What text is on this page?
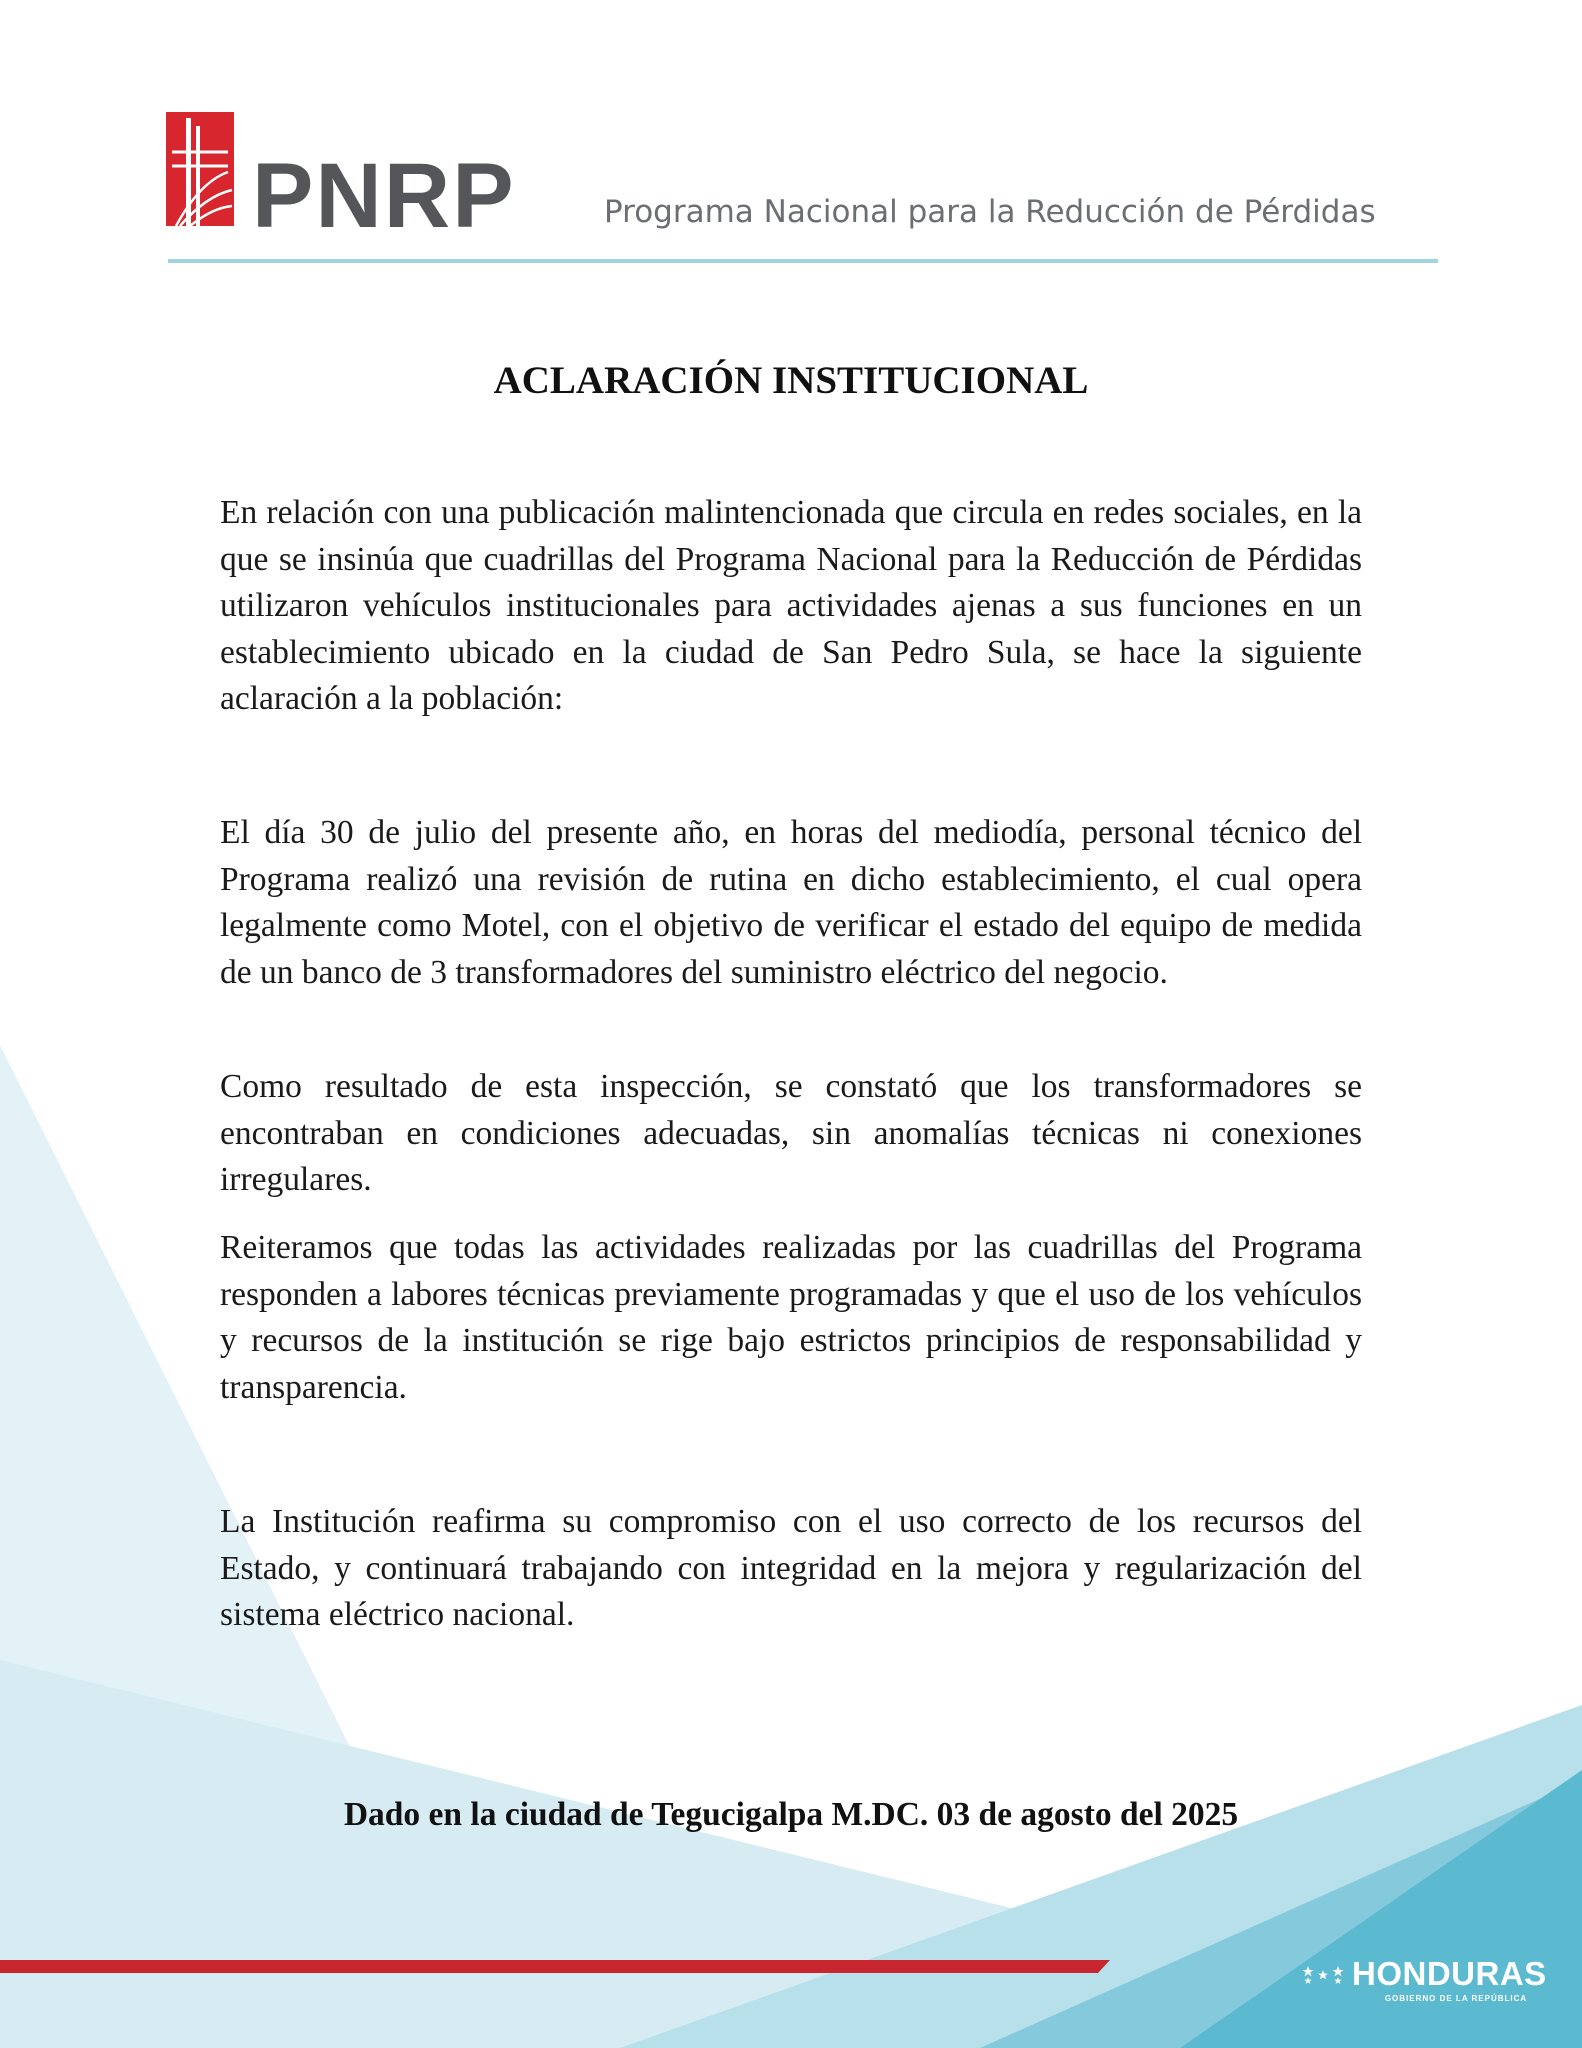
PNRP	Programa Nacional para la Reducción de Pérdidas
ACLARACIÓN INSTITUCIONAL

En relación con una publicación malintencionada que circula en redes sociales, en la que se insinúa que cuadrillas del Programa Nacional para la Reducción de Pérdidas utilizaron vehículos institucionales para actividades ajenas a sus funciones en un establecimiento ubicado en la ciudad de San Pedro Sula, se hace la siguiente aclaración a la población:

El día 30 de julio del presente año, en horas del mediodía, personal técnico del Programa realizó una revisión de rutina en dicho establecimiento, el cual opera legalmente como Motel, con el objetivo de verificar el estado del equipo de medida de un banco de 3 transformadores del suministro eléctrico del negocio.

Como resultado de esta inspección, se constató que los transformadores se encontraban en condiciones adecuadas, sin anomalías técnicas ni conexiones irregulares.

Reiteramos que todas las actividades realizadas por las cuadrillas del Programa responden a labores técnicas previamente programadas y que el uso de los vehículos y recursos de la institución se rige bajo estrictos principios de responsabilidad y transparencia.

La Institución reafirma su compromiso con el uso correcto de los recursos del Estado, y continuará trabajando con integridad en la mejora y regularización del sistema eléctrico nacional.

Dado en la ciudad de Tegucigalpa M.DC. 03 de agosto del 2025
HONDURAS
GOBIERNO DE LA REPÚBLICA
